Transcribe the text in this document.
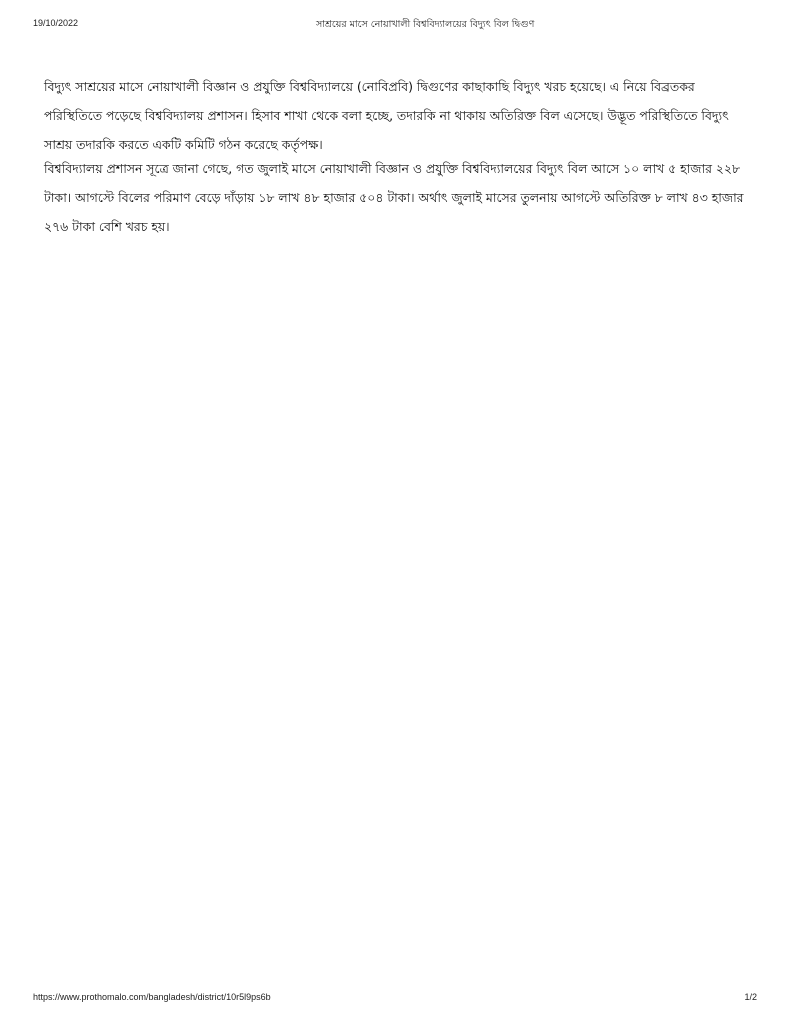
19/10/2022	সাশ্রয়ের মাসে নোয়াখালী বিশ্ববিদ্যালয়ের বিদ্যুৎ বিল দ্বিগুণ

বিদ্যুৎ সাশ্রয়ের মাসে নোয়াখালী বিজ্ঞান ও প্রযুক্তি বিশ্ববিদ্যালয়ে (নোবিপ্রবি) দ্বিগুণের কাছাকাছি বিদ্যুৎ খরচ হয়েছে। এ নিয়ে বিব্রতকর পরিস্থিতিতে পড়েছে বিশ্ববিদ্যালয় প্রশাসন। হিসাব শাখা থেকে বলা হচ্ছে, তদারকি না থাকায় অতিরিক্ত বিল এসেছে। উদ্ভূত পরিস্থিতিতে বিদ্যুৎ সাশ্রয় তদারকি করতে একটি কমিটি গঠন করেছে কর্তৃপক্ষ।

বিশ্ববিদ্যালয় প্রশাসন সূত্রে জানা গেছে, গত জুলাই মাসে নোয়াখালী বিজ্ঞান ও প্রযুক্তি বিশ্ববিদ্যালয়ের বিদ্যুৎ বিল আসে ১০ লাখ ৫ হাজার ২২৮ টাকা। আগস্টে বিলের পরিমাণ বেড়ে দাঁড়ায় ১৮ লাখ ৪৮ হাজার ৫০৪ টাকা। অর্থাৎ জুলাই মাসের তুলনায় আগস্টে অতিরিক্ত ৮ লাখ ৪৩ হাজার ২৭৬ টাকা বেশি খরচ হয়।

https://www.prothomalo.com/bangladesh/district/10r5l9ps6b	1/2
